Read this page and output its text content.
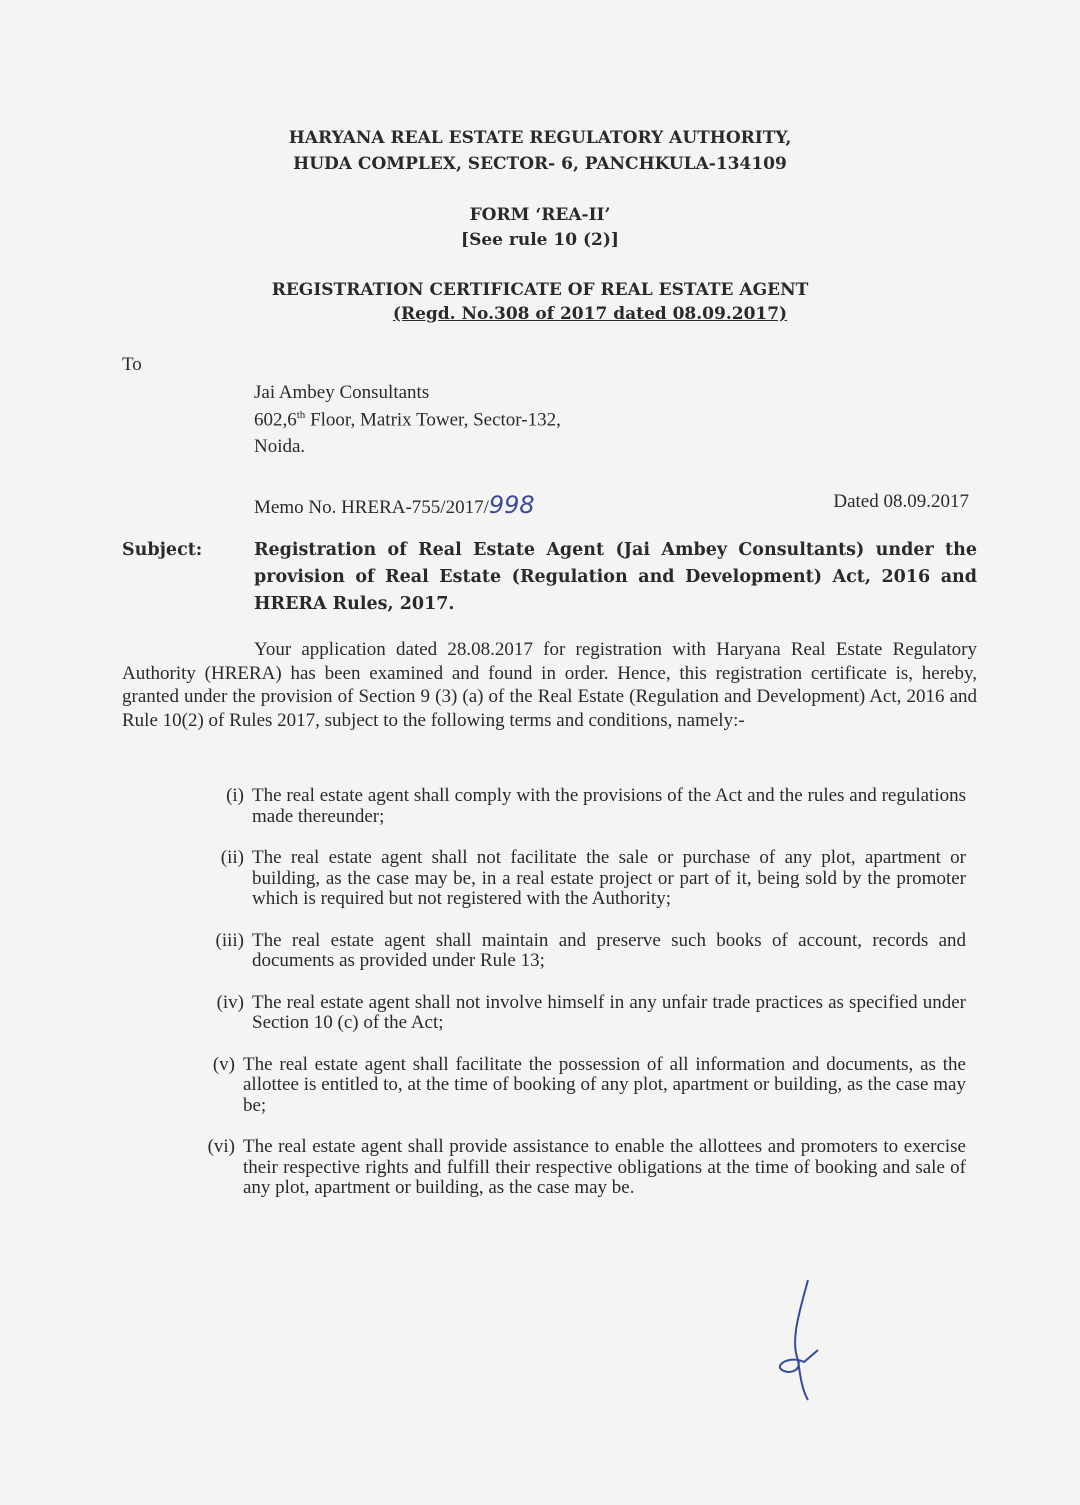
HARYANA REAL ESTATE REGULATORY AUTHORITY,
HUDA COMPLEX, SECTOR- 6, PANCHKULA-134109
FORM ‘REA-II’
[See rule 10 (2)]
REGISTRATION CERTIFICATE OF REAL ESTATE AGENT
(Regd. No.308 of 2017 dated 08.09.2017)
To
Jai Ambey Consultants
602,6th Floor, Matrix Tower, Sector-132,
Noida.
Memo No. HRERA-755/2017/998	Dated 08.09.2017
Subject:	Registration of Real Estate Agent (Jai Ambey Consultants) under the provision of Real Estate (Regulation and Development) Act, 2016 and HRERA Rules, 2017.
Your application dated 28.08.2017 for registration with Haryana Real Estate Regulatory Authority (HRERA) has been examined and found in order. Hence, this registration certificate is, hereby, granted under the provision of Section 9 (3) (a) of the Real Estate (Regulation and Development) Act, 2016 and Rule 10(2) of Rules 2017, subject to the following terms and conditions, namely:-
(i) The real estate agent shall comply with the provisions of the Act and the rules and regulations made thereunder;
(ii) The real estate agent shall not facilitate the sale or purchase of any plot, apartment or building, as the case may be, in a real estate project or part of it, being sold by the promoter which is required but not registered with the Authority;
(iii) The real estate agent shall maintain and preserve such books of account, records and documents as provided under Rule 13;
(iv) The real estate agent shall not involve himself in any unfair trade practices as specified under Section 10 (c) of the Act;
(v) The real estate agent shall facilitate the possession of all information and documents, as the allottee is entitled to, at the time of booking of any plot, apartment or building, as the case may be;
(vi) The real estate agent shall provide assistance to enable the allottees and promoters to exercise their respective rights and fulfill their respective obligations at the time of booking and sale of any plot, apartment or building, as the case may be.
